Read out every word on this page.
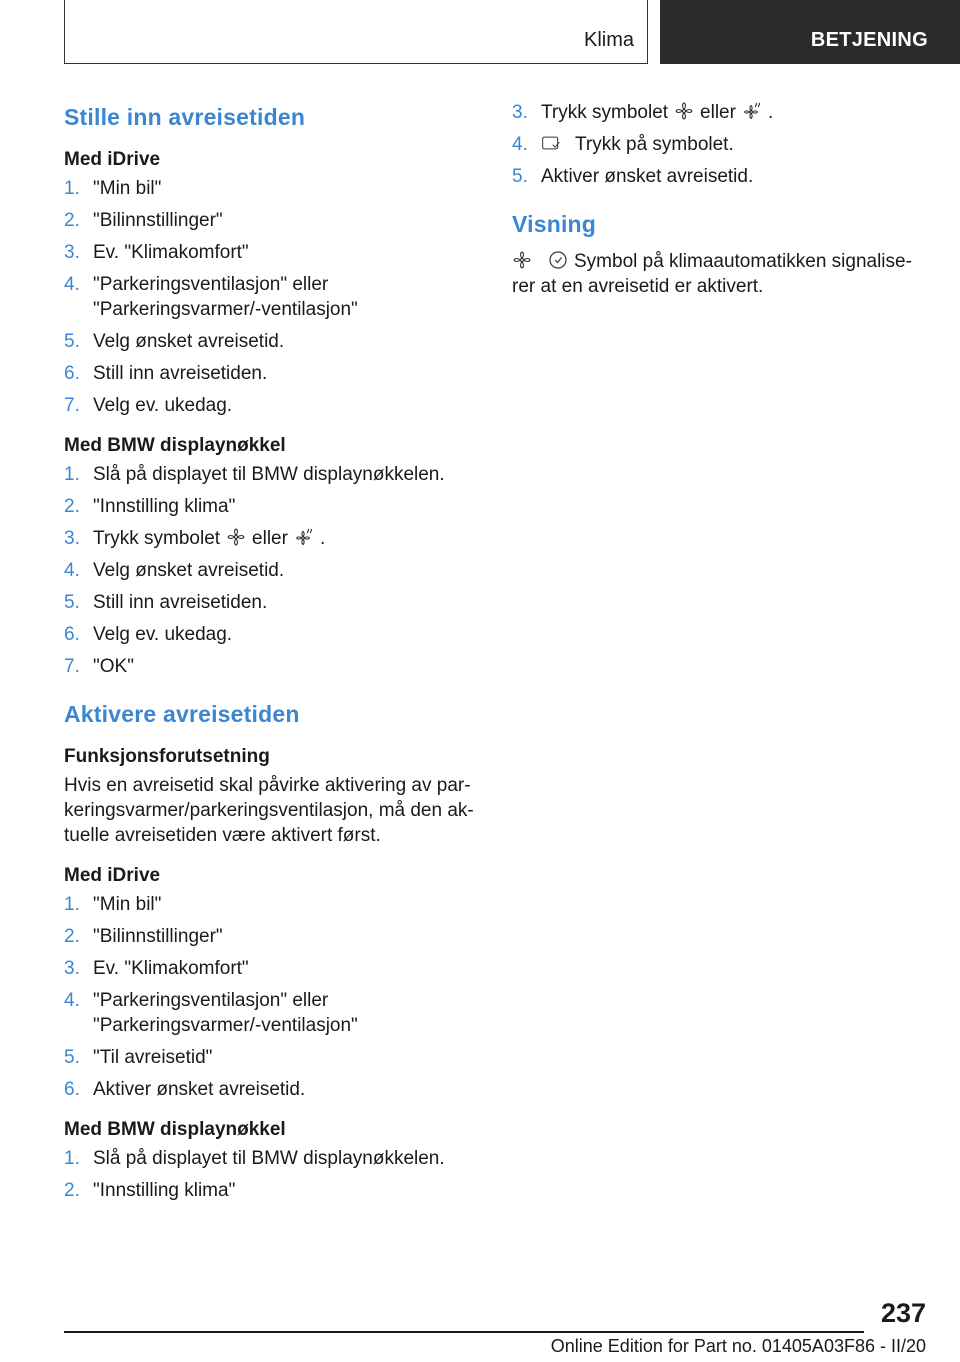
Klima	BETJENING
Stille inn avreisetiden
Med iDrive
1. "Min bil"
2. "Bilinnstillinger"
3. Ev. "Klimakomfort"
4. "Parkeringsventilasjon" eller
"Parkeringsvarmer/-ventilasjon"
5. Velg ønsket avreisetid.
6. Still inn avreisetiden.
7. Velg ev. ukedag.
Med BMW displaynøkkel
1. Slå på displayet til BMW displaynøkkelen.
2. "Innstilling klima"
3. Trykk symbolet eller .
4. Velg ønsket avreisetid.
5. Still inn avreisetiden.
6. Velg ev. ukedag.
7. "OK"
Aktivere avreisetiden
Funksjonsforutsetning

Hvis en avreisetid skal påvirke aktivering av par-
keringsvarmer/parkeringsventilasjon, må den ak-
tuelle avreisetiden være aktivert først.

Med iDrive
1. "Min bil"
2. "Bilinnstillinger"
3. Ev. "Klimakomfort"
4. "Parkeringsventilasjon" eller
"Parkeringsvarmer/-ventilasjon"
5. "Til avreisetid"
6. Aktiver ønsket avreisetid.
Med BMW displaynøkkel
1. Slå på displayet til BMW displaynøkkelen.
2. "Innstilling klima"
3. Trykk symbolet eller .
4. Trykk på symbolet.
5. Aktiver ønsket avreisetid.
Visning

Symbol på klimaautomatikken signalise-
rer at en avreisetid er aktivert.

237
Online Edition for Part no. 01405A03F86 - II/20
